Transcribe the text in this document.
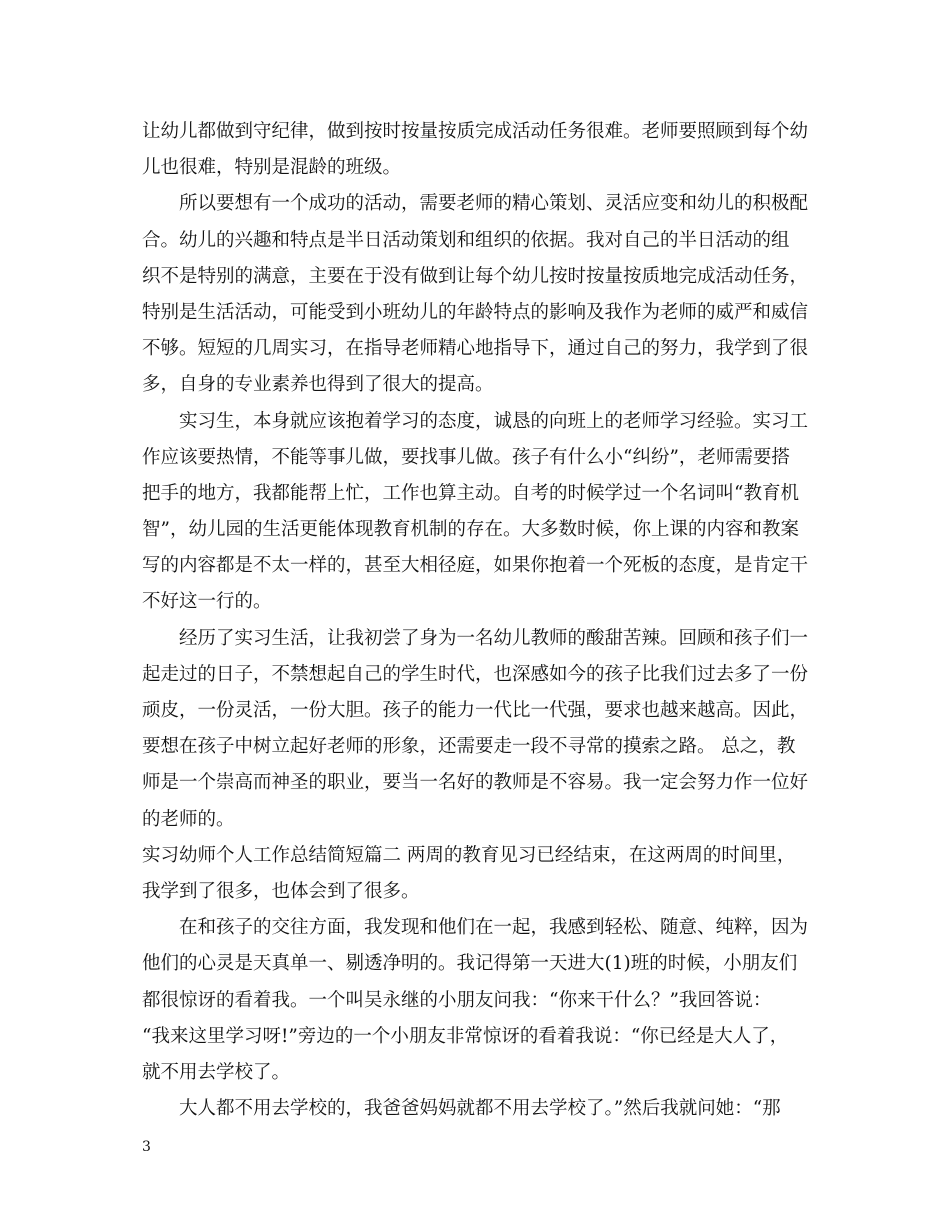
让幼儿都做到守纪律，做到按时按量按质完成活动任务很难。老师要照顾到每个幼
儿也很难，特别是混龄的班级。
所以要想有一个成功的活动，需要老师的精心策划、灵活应变和幼儿的积极配
合。幼儿的兴趣和特点是半日活动策划和组织的依据。我对自己的半日活动的组
织不是特别的满意，主要在于没有做到让每个幼儿按时按量按质地完成活动任务，
特别是生活活动，可能受到小班幼儿的年龄特点的影响及我作为老师的威严和威信
不够。短短的几周实习，在指导老师精心地指导下，通过自己的努力，我学到了很
多，自身的专业素养也得到了很大的提高。
实习生，本身就应该抱着学习的态度，诚恳的向班上的老师学习经验。实习工
作应该要热情，不能等事儿做，要找事儿做。孩子有什么小“纠纷”，老师需要搭
把手的地方，我都能帮上忙，工作也算主动。自考的时候学过一个名词叫“教育机
智”，幼儿园的生活更能体现教育机制的存在。大多数时候，你上课的内容和教案
写的内容都是不太一样的，甚至大相径庭，如果你抱着一个死板的态度，是肯定干
不好这一行的。
经历了实习生活，让我初尝了身为一名幼儿教师的酸甜苦辣。回顾和孩子们一
起走过的日子，不禁想起自己的学生时代，也深感如今的孩子比我们过去多了一份
顽皮，一份灵活，一份大胆。孩子的能力一代比一代强，要求也越来越高。因此，
要想在孩子中树立起好老师的形象，还需要走一段不寻常的摸索之路。 总之，教
师是一个崇高而神圣的职业，要当一名好的教师是不容易。我一定会努力作一位好
的老师的。
实习幼师个人工作总结简短篇二 两周的教育见习已经结束，在这两周的时间里，
我学到了很多，也体会到了很多。
在和孩子的交往方面，我发现和他们在一起，我感到轻松、随意、纯粹，因为
他们的心灵是天真单一、剔透净明的。我记得第一天进大(1)班的时候，小朋友们
都很惊讶的看着我。一个叫吴永继的小朋友问我：“你来干什么？”我回答说：
“我来这里学习呀!”旁边的一个小朋友非常惊讶的看着我说：“你已经是大人了，
就不用去学校了。
大人都不用去学校的，我爸爸妈妈就都不用去学校了。”然后我就问她：“那
3
